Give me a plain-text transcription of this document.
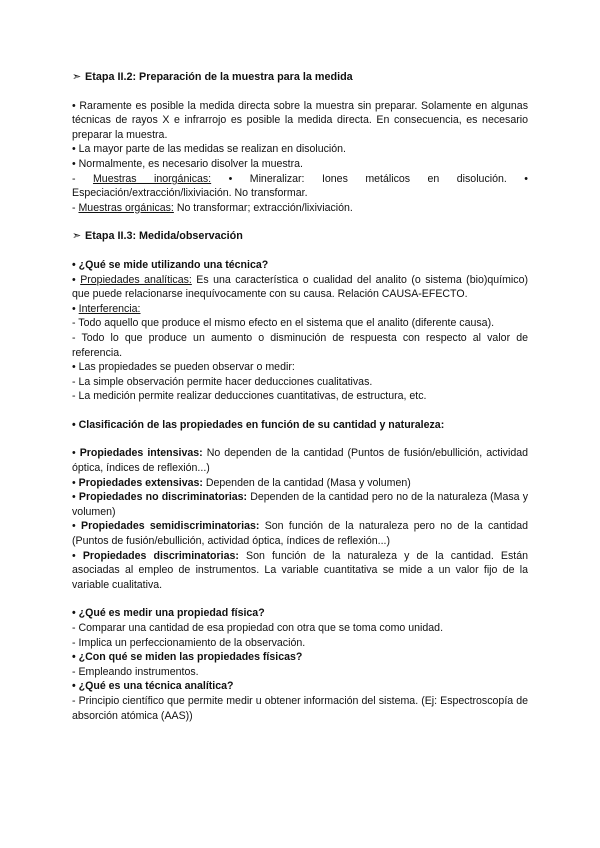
➣ Etapa II.2: Preparación de la muestra para la medida

• Raramente es posible la medida directa sobre la muestra sin preparar. Solamente en algunas técnicas de rayos X e infrarrojo es posible la medida directa. En consecuencia, es necesario preparar la muestra.

• La mayor parte de las medidas se realizan en disolución.

• Normalmente, es necesario disolver la muestra.

- Muestras inorgánicas: • Mineralizar: Iones metálicos en disolución. • Especiación/extracción/lixiviación. No transformar.

- Muestras orgánicas: No transformar; extracción/lixiviación.

➣ Etapa II.3: Medida/observación

• ¿Qué se mide utilizando una técnica?

• Propiedades analíticas: Es una característica o cualidad del analito (o sistema (bio)químico) que puede relacionarse inequívocamente con su causa. Relación CAUSA-EFECTO.

• Interferencia:

- Todo aquello que produce el mismo efecto en el sistema que el analito (diferente causa).

- Todo lo que produce un aumento o disminución de respuesta con respecto al valor de referencia.

• Las propiedades se pueden observar o medir:

- La simple observación permite hacer deducciones cualitativas.

- La medición permite realizar deducciones cuantitativas, de estructura, etc.

• Clasificación de las propiedades en función de su cantidad y naturaleza:

• Propiedades intensivas: No dependen de la cantidad (Puntos de fusión/ebullición, actividad óptica, índices de reflexión...)

• Propiedades extensivas: Dependen de la cantidad (Masa y volumen)

• Propiedades no discriminatorias: Dependen de la cantidad pero no de la naturaleza (Masa y volumen)

• Propiedades semidiscriminatorias: Son función de la naturaleza pero no de la cantidad (Puntos de fusión/ebullición, actividad óptica, índices de reflexión...)

• Propiedades discriminatorias: Son función de la naturaleza y de la cantidad. Están asociadas al empleo de instrumentos. La variable cuantitativa se mide a un valor fijo de la variable cualitativa.

• ¿Qué es medir una propiedad física?

- Comparar una cantidad de esa propiedad con otra que se toma como unidad.

- Implica un perfeccionamiento de la observación.

• ¿Con qué se miden las propiedades físicas?

- Empleando instrumentos.

• ¿Qué es una técnica analítica?

- Principio científico que permite medir u obtener información del sistema. (Ej: Espectroscopía de absorción atómica (AAS))
